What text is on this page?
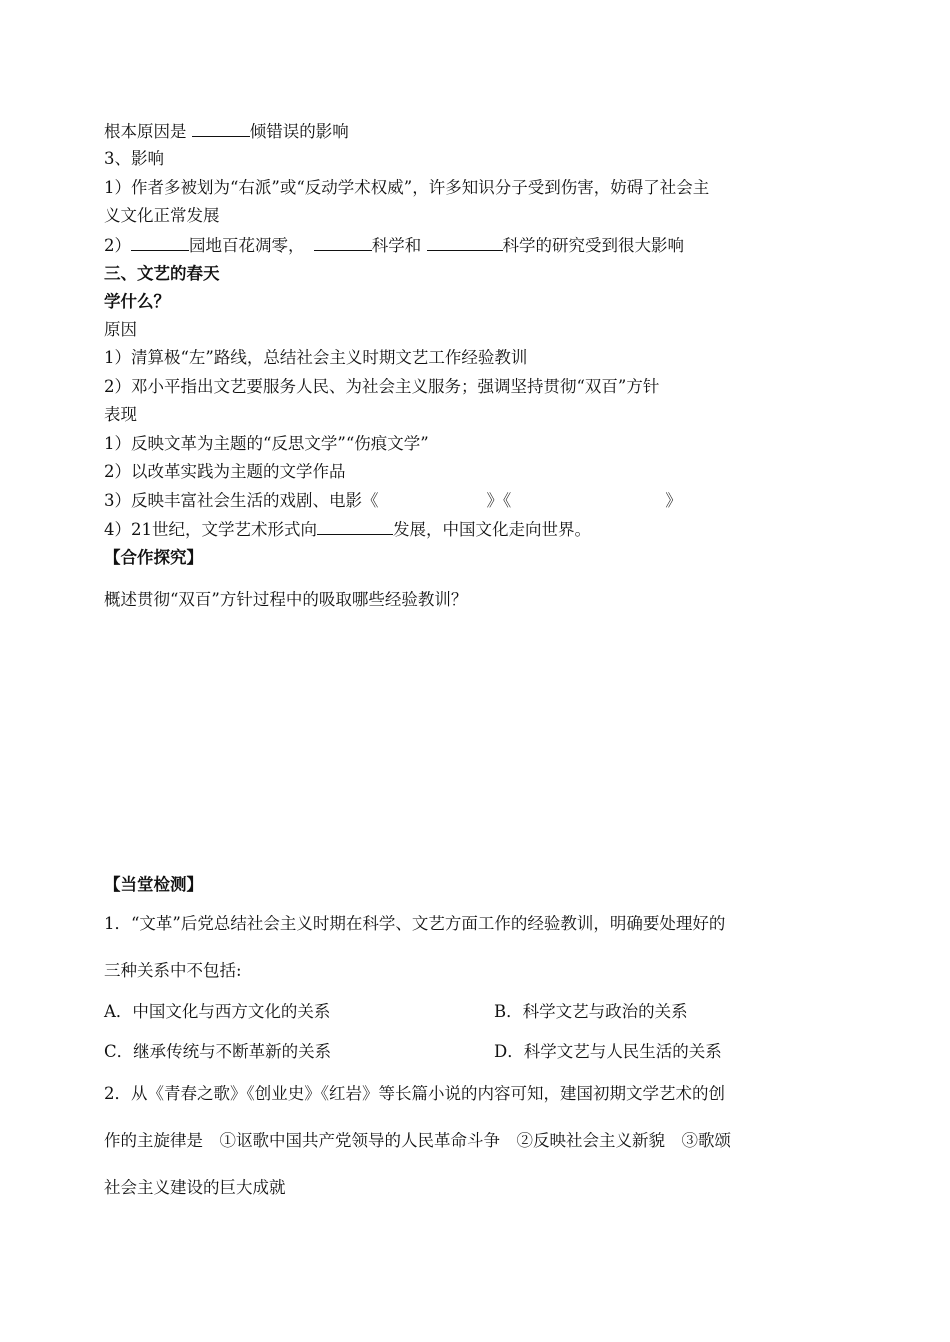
根本原因是	倾错误的影响
3、影响
1）作者多被划为“右派”或“反动学术权威”，许多知识分子受到伤害，妨碍了社会主
义文化正常发展
2）	园地百花凋零，	科学和	科学的研究受到很大影响
三、文艺的春天
学什么？
原因
1）清算极“左”路线，总结社会主义时期文艺工作经验教训
2）邓小平指出文艺要服务人民、为社会主义服务；强调坚持贯彻“双百”方针
表现
1）反映文革为主题的“反思文学”“伤痕文学”
2）以改革实践为主题的文学作品
3）反映丰富社会生活的戏剧、电影《	》《	》
4）21世纪，文学艺术形式向	发展，中国文化走向世界。
【合作探究】
概述贯彻“双百”方针过程中的吸取哪些经验教训？
【当堂检测】
1．“文革”后党总结社会主义时期在科学、文艺方面工作的经验教训，明确要处理好的
三种关系中不包括:
A．中国文化与西方文化的关系	B．科学文艺与政治的关系
C．继承传统与不断革新的关系	D．科学文艺与人民生活的关系
2．从《青春之歌》《创业史》《红岩》等长篇小说的内容可知，建国初期文学艺术的创
作的主旋律是　①讴歌中国共产党领导的人民革命斗争　②反映社会主义新貌　③歌颂
社会主义建设的巨大成就
